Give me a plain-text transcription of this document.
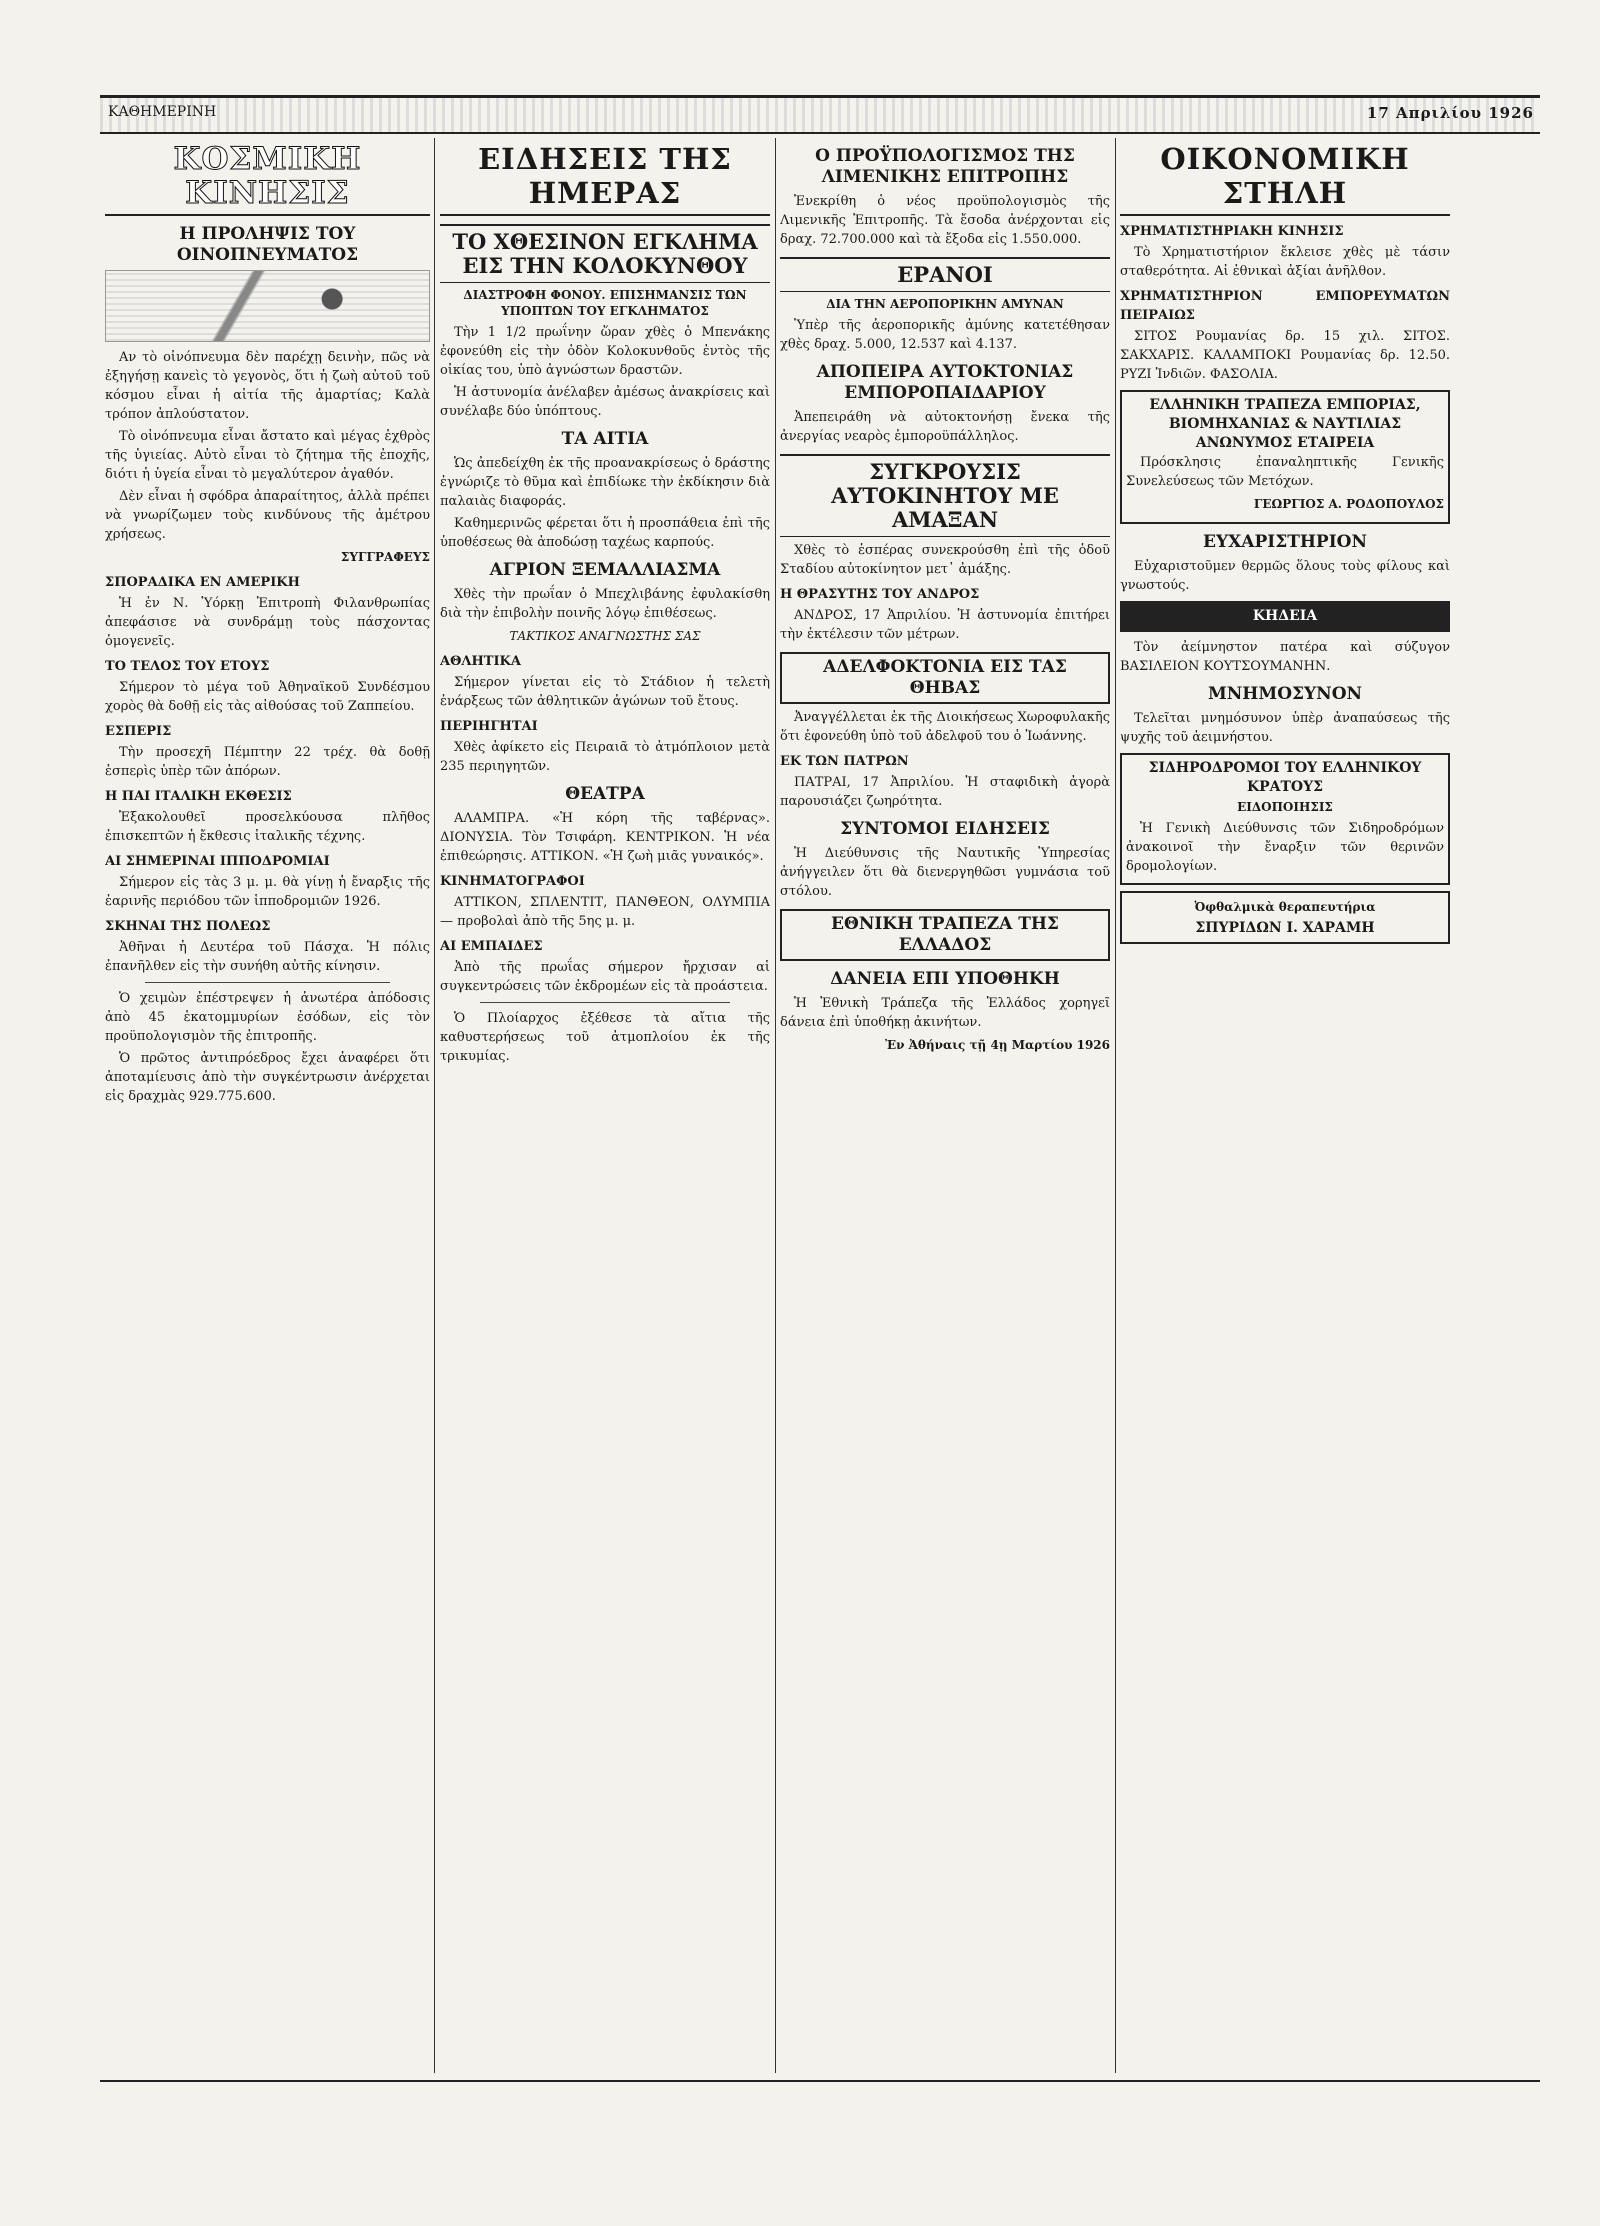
ΚΑΘΗΜΕΡΙΝΗ	17 Απριλίου 1926
ΚΟΣΜΙΚΗ ΚΙΝΗΣΙΣ
Η ΠΡΟΛΗΨΙΣ ΤΟΥ ΟΙΝΟΠΝΕΥΜΑΤΟΣ

Αν τὸ οἰνόπνευμα δὲν παρέχῃ δεινὴν, πῶς νὰ ἐξηγήσῃ κανεὶς τὸ γεγονὸς, ὅτι ἡ ζωὴ αὐτοῦ τοῦ κόσμου εἶναι ἡ αἰτία τῆς ἀμαρτίας; Καλὰ τρόπον ἀπλούστατον.

Τὸ οἰνόπνευμα εἶναι ἄστατο καὶ μέγας ἐχθρὸς τῆς ὑγιείας. Αὐτὸ εἶναι τὸ ζήτημα τῆς ἐποχῆς, διότι ἡ ὑγεία εἶναι τὸ μεγαλύτερον ἀγαθόν.

Δὲν εἶναι ἡ σφόδρα ἀπαραίτητος, ἀλλὰ πρέπει νὰ γνωρίζωμεν τοὺς κινδύνους τῆς ἀμέτρου χρήσεως.

ΣΥΓΓΡΑΦΕΥΣ
ΣΠΟΡΑΔΙΚΑ ΕΝ ΑΜΕΡΙΚΗ

Ἡ ἐν Ν. Ὑόρκῃ Ἐπιτροπὴ Φιλανθρωπίας ἀπεφάσισε νὰ συνδράμῃ τοὺς πάσχοντας ὁμογενεῖς.

ΤΟ ΤΕΛΟΣ ΤΟΥ ΕΤΟΥΣ

Σήμερον τὸ μέγα τοῦ Ἀθηναϊκοῦ Συνδέσμου χορὸς θὰ δοθῇ εἰς τὰς αἰθούσας τοῦ Ζαππείου.

ΕΣΠΕΡΙΣ

Τὴν προσεχῆ Πέμπτην 22 τρέχ. θὰ δοθῇ ἑσπερὶς ὑπὲρ τῶν ἀπόρων.

Η ΠΑΙ ΙΤΑΛΙΚΗ ΕΚΘΕΣΙΣ

Ἐξακολουθεῖ προσελκύουσα πλῆθος ἐπισκεπτῶν ἡ ἔκθεσις ἰταλικῆς τέχνης.

ΑΙ ΣΗΜΕΡΙΝΑΙ ΙΠΠΟΔΡΟΜΙΑΙ

Σήμερον εἰς τὰς 3 μ. μ. θὰ γίνῃ ἡ ἔναρξις τῆς ἐαρινῆς περιόδου τῶν ἱπποδρομιῶν 1926.

ΣΚΗΝΑΙ ΤΗΣ ΠΟΛΕΩΣ

Ἀθῆναι ἡ Δευτέρα τοῦ Πάσχα. Ἡ πόλις ἐπανῆλθεν εἰς τὴν συνήθη αὐτῆς κίνησιν.

Ὁ χειμὼν ἐπέστρεψεν ἡ ἀνωτέρα ἀπόδοσις ἀπὸ 45 ἑκατομμυρίων ἐσόδων, εἰς τὸν προϋπολογισμὸν τῆς ἐπιτροπῆς.

Ὁ πρῶτος ἀντιπρόεδρος ἔχει ἀναφέρει ὅτι ἀποταμίευσις ἀπὸ τὴν συγκέντρωσιν ἀνέρχεται εἰς δραχμὰς 929.775.600.

ΕΙΔΗΣΕΙΣ ΤΗΣ ΗΜΕΡΑΣ
ΤΟ ΧΘΕΣΙΝΟΝ ΕΓΚΛΗΜΑ ΕΙΣ ΤΗΝ ΚΟΛΟΚΥΝΘΟΥ
ΔΙΑΣΤΡΟΦΗ ΦΟΝΟΥ. ΕΠΙΣΗΜΑΝΣΙΣ ΤΩΝ ΥΠΟΠΤΩΝ ΤΟΥ ΕΓΚΛΗΜΑΤΟΣ

Τὴν 1 1/2 πρωΐνην ὥραν χθὲς ὁ Μπενάκης ἐφονεύθη εἰς τὴν ὁδὸν Κολοκυνθοῦς ἐντὸς τῆς οἰκίας του, ὑπὸ ἀγνώστων δραστῶν.

Ἡ ἀστυνομία ἀνέλαβεν ἀμέσως ἀνακρίσεις καὶ συνέλαβε δύο ὑπόπτους.

ΤΑ ΑΙΤΙΑ

Ὡς ἀπεδείχθη ἐκ τῆς προανακρίσεως ὁ δράστης ἐγνώριζε τὸ θῦμα καὶ ἐπιδίωκε τὴν ἐκδίκησιν διὰ παλαιὰς διαφοράς.

Καθημερινῶς φέρεται ὅτι ἡ προσπάθεια ἐπὶ τῆς ὑποθέσεως θὰ ἀποδώσῃ ταχέως καρπούς.

ΑΓΡΙΟΝ ΞΕΜΑΛΛΙΑΣΜΑ

Χθὲς τὴν πρωΐαν ὁ Μπεχλιβάνης ἐφυλακίσθη διὰ τὴν ἐπιβολὴν ποινῆς λόγῳ ἐπιθέσεως.

ΤΑΚΤΙΚΟΣ ΑΝΑΓΝΩΣΤΗΣ ΣΑΣ
ΑΘΛΗΤΙΚΑ

Σήμερον γίνεται εἰς τὸ Στάδιον ἡ τελετὴ ἐνάρξεως τῶν ἀθλητικῶν ἀγώνων τοῦ ἔτους.

ΠΕΡΙΗΓΗΤΑΙ

Χθὲς ἀφίκετο εἰς Πειραιᾶ τὸ ἀτμόπλοιον μετὰ 235 περιηγητῶν.

ΘΕΑΤΡΑ

ΑΛΑΜΠΡΑ. «Ἡ κόρη τῆς ταβέρνας». ΔΙΟΝΥΣΙΑ. Τὸν Τσιφάρη. ΚΕΝΤΡΙΚΟΝ. Ἡ νέα ἐπιθεώρησις. ΑΤΤΙΚΟΝ. «Ἡ ζωὴ μιᾶς γυναικός».

ΚΙΝΗΜΑΤΟΓΡΑΦΟΙ

ΑΤΤΙΚΟΝ, ΣΠΛΕΝΤΙΤ, ΠΑΝΘΕΟΝ, ΟΛΥΜΠΙΑ — προβολαὶ ἀπὸ τῆς 5ης μ. μ.

ΑΙ ΕΜΠΑΙΔΕΣ

Ἀπὸ τῆς πρωΐας σήμερον ἤρχισαν αἱ συγκεντρώσεις τῶν ἐκδρομέων εἰς τὰ προάστεια.

Ὁ Πλοίαρχος ἐξέθεσε τὰ αἴτια τῆς καθυστερήσεως τοῦ ἀτμοπλοίου ἐκ τῆς τρικυμίας.

Ο ΠΡΟΫΠΟΛΟΓΙΣΜΟΣ ΤΗΣ ΛΙΜΕΝΙΚΗΣ ΕΠΙΤΡΟΠΗΣ

Ἐνεκρίθη ὁ νέος προϋπολογισμὸς τῆς Λιμενικῆς Ἐπιτροπῆς. Τὰ ἔσοδα ἀνέρχονται εἰς δραχ. 72.700.000 καὶ τὰ ἔξοδα εἰς 1.550.000.

ΕΡΑΝΟΙ
ΔΙΑ ΤΗΝ ΑΕΡΟΠΟΡΙΚΗΝ ΑΜΥΝΑΝ

Ὑπὲρ τῆς ἀεροπορικῆς ἀμύνης κατετέθησαν χθὲς δραχ. 5.000, 12.537 καὶ 4.137.

ΑΠΟΠΕΙΡΑ ΑΥΤΟΚΤΟΝΙΑΣ ΕΜΠΟΡΟΠΑΙΔΑΡΙΟΥ

Ἀπεπειράθη νὰ αὐτοκτονήσῃ ἔνεκα τῆς ἀνεργίας νεαρὸς ἐμποροϋπάλληλος.

ΣΥΓΚΡΟΥΣΙΣ ΑΥΤΟΚΙΝΗΤΟΥ ΜΕ ΑΜΑΞΑΝ

Χθὲς τὸ ἑσπέρας συνεκρούσθη ἐπὶ τῆς ὁδοῦ Σταδίου αὐτοκίνητον μετ᾽ ἀμάξης.

Η ΘΡΑΣΥΤΗΣ ΤΟΥ ΑΝΔΡΟΣ

ΑΝΔΡΟΣ, 17 Ἀπριλίου. Ἡ ἀστυνομία ἐπιτήρει τὴν ἐκτέλεσιν τῶν μέτρων.

ΑΔΕΛΦΟΚΤΟΝΙΑ ΕΙΣ ΤΑΣ ΘΗΒΑΣ

Ἀναγγέλλεται ἐκ τῆς Διοικήσεως Χωροφυλακῆς ὅτι ἐφονεύθη ὑπὸ τοῦ ἀδελφοῦ του ὁ Ἰωάννης.

ΕΚ ΤΩΝ ΠΑΤΡΩΝ

ΠΑΤΡΑΙ, 17 Ἀπριλίου. Ἡ σταφιδικὴ ἀγορὰ παρουσιάζει ζωηρότητα.

ΣΥΝΤΟΜΟΙ ΕΙΔΗΣΕΙΣ

Ἡ Διεύθυνσις τῆς Ναυτικῆς Ὑπηρεσίας ἀνήγγειλεν ὅτι θὰ διενεργηθῶσι γυμνάσια τοῦ στόλου.

ΕΘΝΙΚΗ ΤΡΑΠΕΖΑ ΤΗΣ ΕΛΛΑΔΟΣ
ΔΑΝΕΙΑ ΕΠΙ ΥΠΟΘΗΚΗ

Ἡ Ἐθνικὴ Τράπεζα τῆς Ἑλλάδος χορηγεῖ δάνεια ἐπὶ ὑποθήκῃ ἀκινήτων.

Ἐν Ἀθήναις τῇ 4ῃ Μαρτίου 1926
ΟΙΚΟΝΟΜΙΚΗ ΣΤΗΛΗ
ΧΡΗΜΑΤΙΣΤΗΡΙΑΚΗ ΚΙΝΗΣΙΣ

Τὸ Χρηματιστήριον ἔκλεισε χθὲς μὲ τάσιν σταθερότητα. Αἱ ἐθνικαὶ ἀξίαι ἀνῆλθον.

ΧΡΗΜΑΤΙΣΤΗΡΙΟΝ ΕΜΠΟΡΕΥΜΑΤΩΝ ΠΕΙΡΑΙΩΣ

ΣΙΤΟΣ Ρουμανίας δρ. 15 χιλ. ΣΙΤΟΣ. ΣΑΚΧΑΡΙΣ. ΚΑΛΑΜΠΟΚΙ Ρουμανίας δρ. 12.50. ΡΥΖΙ Ἰνδιῶν. ΦΑΣΟΛΙΑ.

ΕΛΛΗΝΙΚΗ ΤΡΑΠΕΖΑ ΕΜΠΟΡΙΑΣ, ΒΙΟΜΗΧΑΝΙΑΣ & ΝΑΥΤΙΛΙΑΣ ΑΝΩΝΥΜΟΣ ΕΤΑΙΡΕΙΑ

Πρόσκλησις ἐπαναληπτικῆς Γενικῆς Συνελεύσεως τῶν Μετόχων.

ΓΕΩΡΓΙΟΣ Α. ΡΟΔΟΠΟΥΛΟΣ
ΕΥΧΑΡΙΣΤΗΡΙΟΝ

Εὐχαριστοῦμεν θερμῶς ὅλους τοὺς φίλους καὶ γνωστούς.

ΚΗΔΕΙΑ

Τὸν ἀείμνηστον πατέρα καὶ σύζυγον ΒΑΣΙΛΕΙΟΝ ΚΟΥΤΣΟΥΜΑΝΗΝ.

ΜΝΗΜΟΣΥΝΟΝ

Τελεῖται μνημόσυνον ὑπὲρ ἀναπαύσεως τῆς ψυχῆς τοῦ ἀειμνήστου.

ΣΙΔΗΡΟΔΡΟΜΟΙ ΤΟΥ ΕΛΛΗΝΙΚΟΥ ΚΡΑΤΟΥΣ
ΕΙΔΟΠΟΙΗΣΙΣ

Ἡ Γενικὴ Διεύθυνσις τῶν Σιδηροδρόμων ἀνακοινοῖ τὴν ἔναρξιν τῶν θερινῶν δρομολογίων.

Ὀφθαλμικὰ θεραπευτήρια
ΣΠΥΡΙΔΩΝ Ι. ΧΑΡΑΜΗ
